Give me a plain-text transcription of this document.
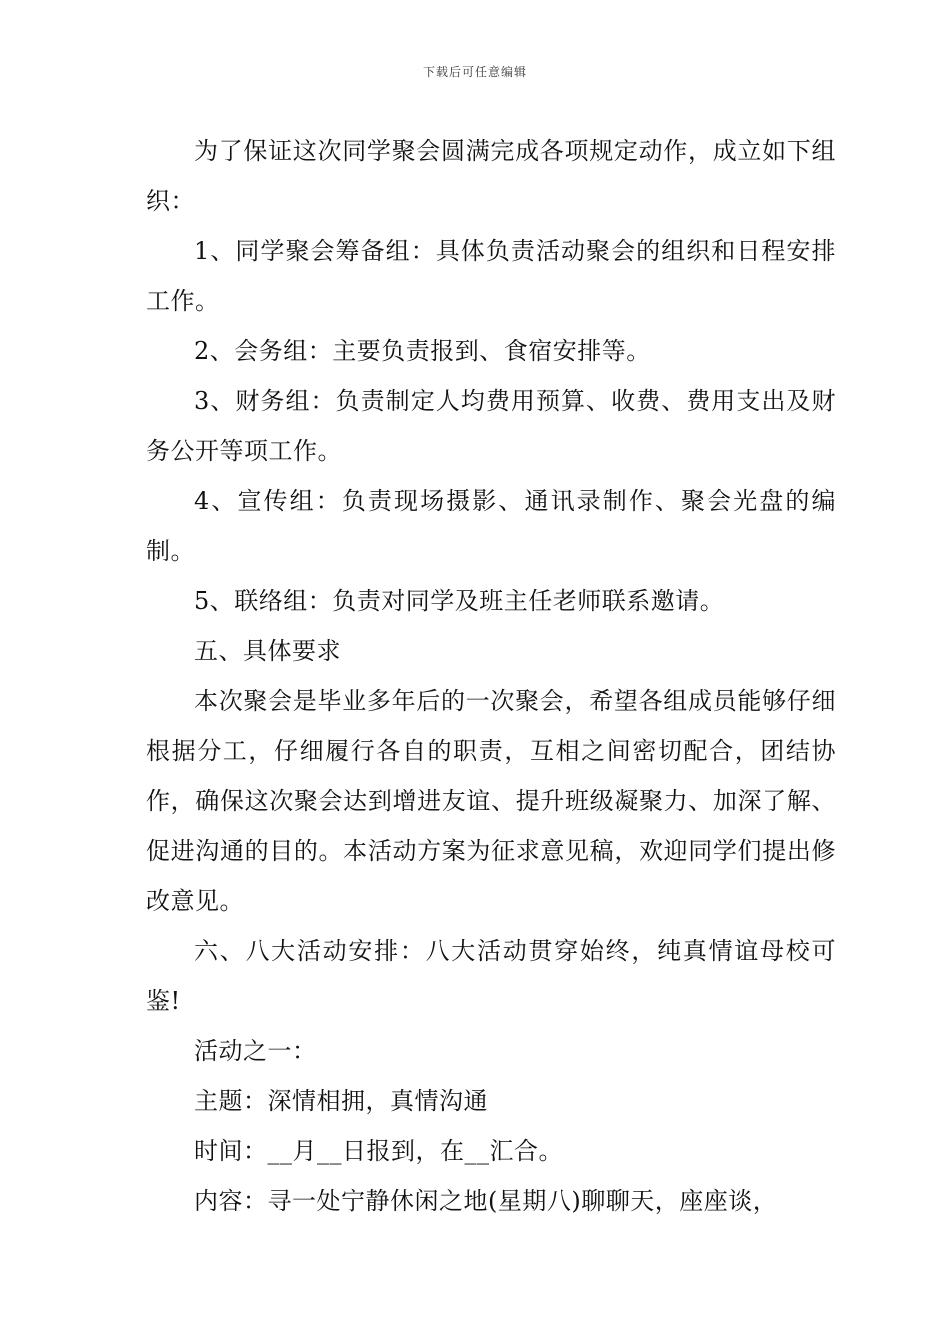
下载后可任意编辑

为了保证这次同学聚会圆满完成各项规定动作，成立如下组织：

1、同学聚会筹备组：具体负责活动聚会的组织和日程安排工作。

2、会务组：主要负责报到、食宿安排等。

3、财务组：负责制定人均费用预算、收费、费用支出及财务公开等项工作。

4、宣传组：负责现场摄影、通讯录制作、聚会光盘的编制。

5、联络组：负责对同学及班主任老师联系邀请。

五、具体要求

本次聚会是毕业多年后的一次聚会，希望各组成员能够仔细根据分工，仔细履行各自的职责，互相之间密切配合，团结协作，确保这次聚会达到增进友谊、提升班级凝聚力、加深了解、促进沟通的目的。本活动方案为征求意见稿，欢迎同学们提出修改意见。

六、八大活动安排：八大活动贯穿始终，纯真情谊母校可鉴!

活动之一：

主题：深情相拥，真情沟通

时间：__月__日报到，在__汇合。

内容：寻一处宁静休闲之地(星期八)聊聊天，座座谈，
